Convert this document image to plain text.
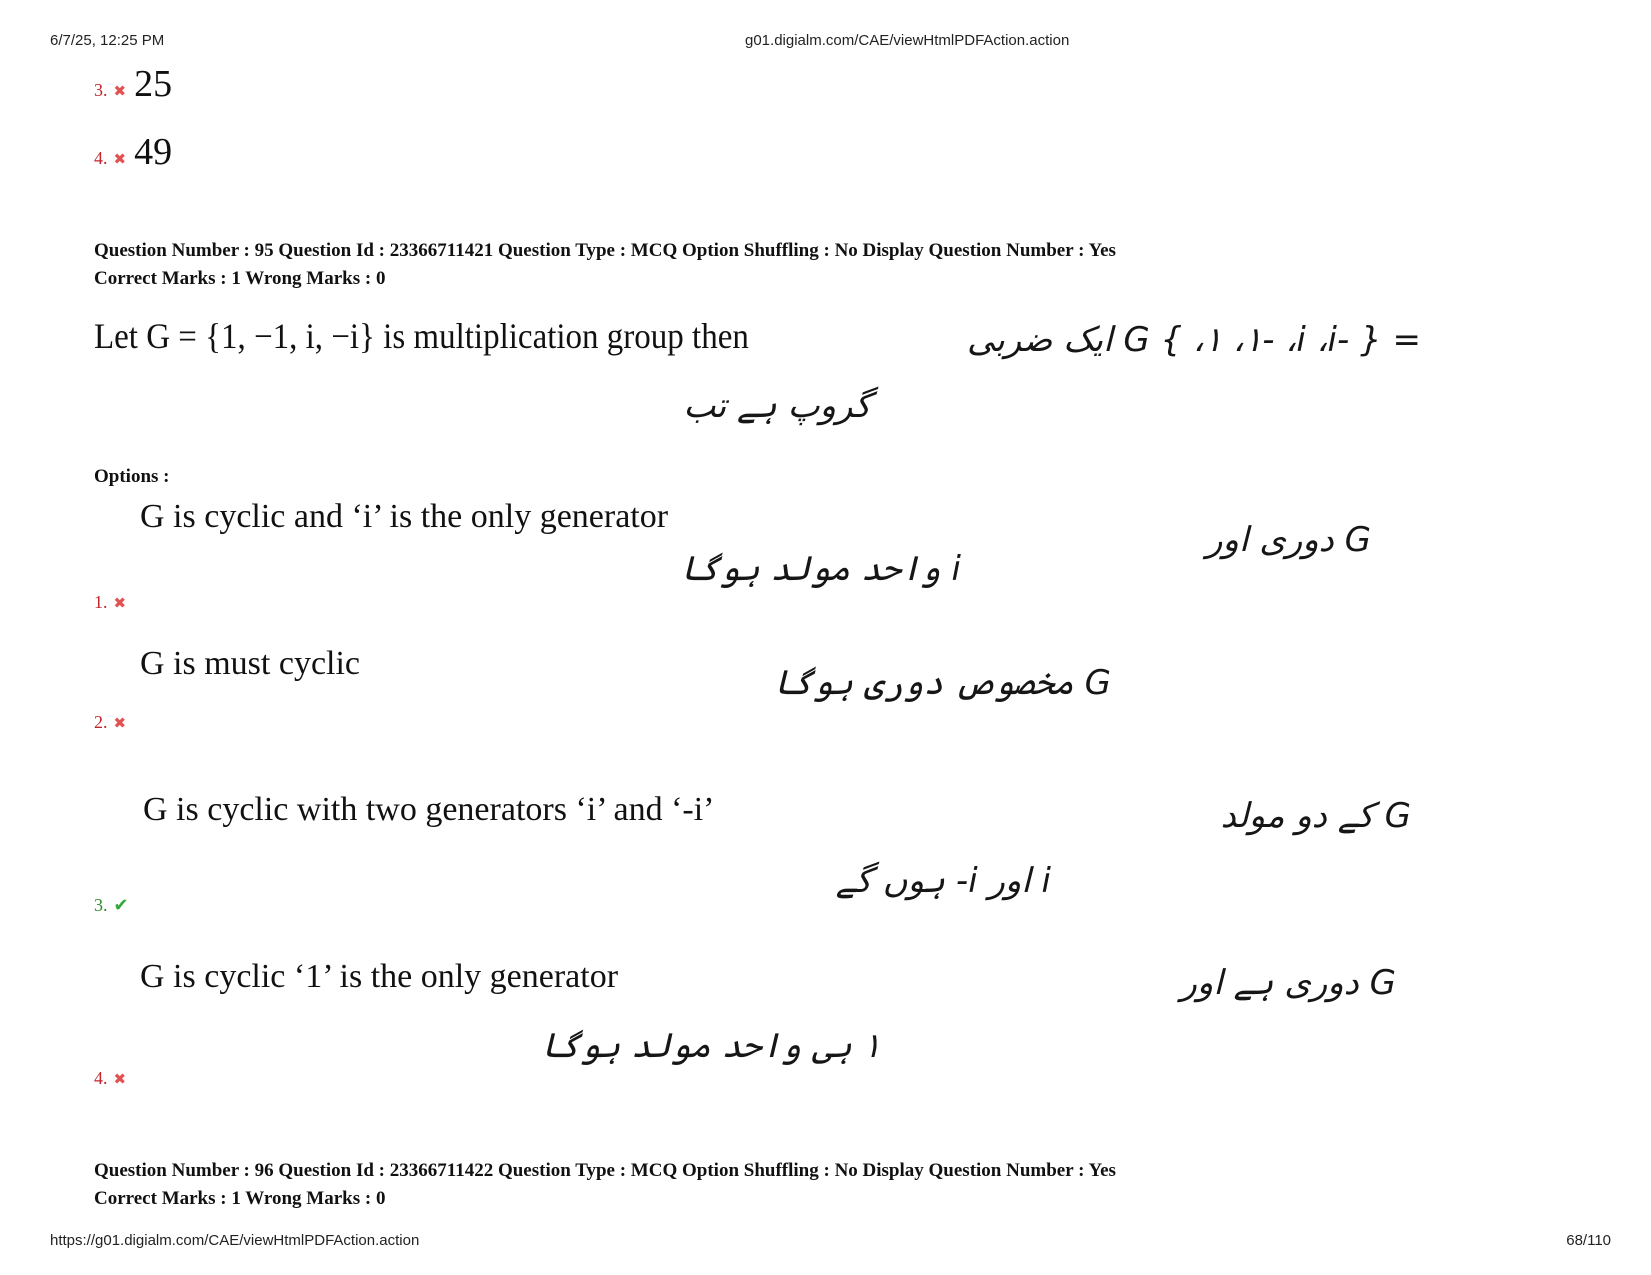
6/7/25, 12:25 PM	g01.digialm.com/CAE/viewHtmlPDFAction.action
3. ✖ 25
4. ✖ 49
Question Number : 95 Question Id : 23366711421 Question Type : MCQ Option Shuffling : No Display Question Number : Yes
Correct Marks : 1 Wrong Marks : 0
Let G = {1, −1, i, −i} is multiplication group then	= G { ،۱ ،۱- ،i ،i- } ایک ضربی
گروپ ہے تب
Options :
G is cyclic and ‘i’ is the only generator
G دوری اور
i واحد مولد ہوگا
1. ✖
G is must cyclic	G مخصوص دوری ہوگا
2. ✖
G is cyclic with two generators ‘i’ and ‘-i’	G کے دو مولد
i اور i- ہوں گے
3. ✔
G is cyclic ‘1’ is the only generator	G دوری ہے اور
۱ ہی واحد مولد ہوگا
4. ✖
Question Number : 96 Question Id : 23366711422 Question Type : MCQ Option Shuffling : No Display Question Number : Yes
Correct Marks : 1 Wrong Marks : 0
https://g01.digialm.com/CAE/viewHtmlPDFAction.action	68/110
